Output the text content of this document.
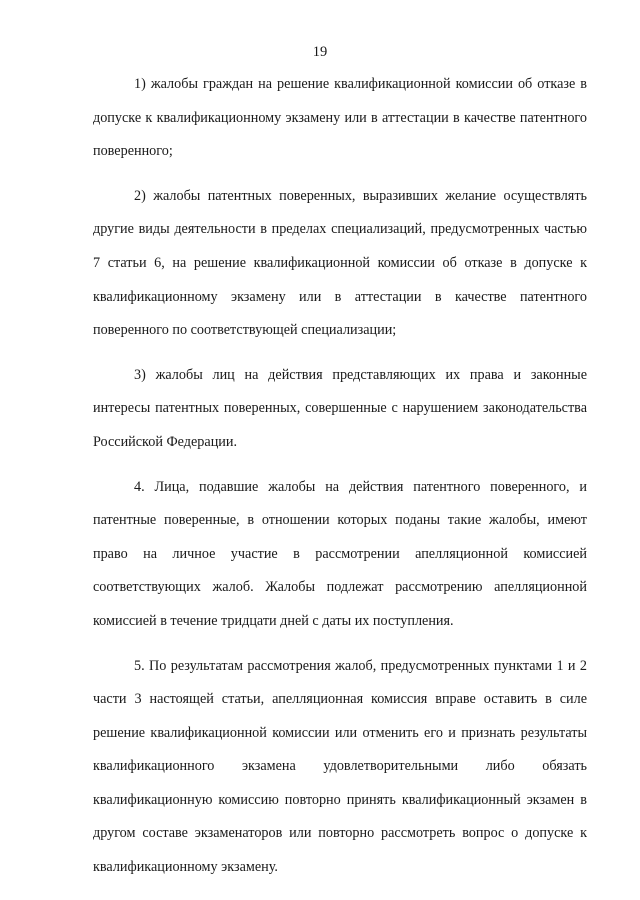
19

1) жалобы граждан на решение квалификационной комиссии об отказе в допуске к квалификационному экзамену или в аттестации в качестве патентного поверенного;

2) жалобы патентных поверенных, выразивших желание осуществлять другие виды деятельности в пределах специализаций, предусмотренных частью 7 статьи 6, на решение квалификационной комиссии об отказе в допуске к квалификационному экзамену или в аттестации в качестве патентного поверенного по соответствующей специализации;

3) жалобы лиц на действия представляющих их права и законные интересы патентных поверенных, совершенные с нарушением законодательства Российской Федерации.

4. Лица, подавшие жалобы на действия патентного поверенного, и патентные поверенные, в отношении которых поданы такие жалобы, имеют право на личное участие в рассмотрении апелляционной комиссией соответствующих жалоб. Жалобы подлежат рассмотрению апелляционной комиссией в течение тридцати дней с даты их поступления.

5. По результатам рассмотрения жалоб, предусмотренных пунктами 1 и 2 части 3 настоящей статьи, апелляционная комиссия вправе оставить в силе решение квалификационной комиссии или отменить его и признать результаты квалификационного экзамена удовлетворительными либо обязать квалификационную комиссию повторно принять квалификационный экзамен в другом составе экзаменаторов или повторно рассмотреть вопрос о допуске к квалификационному экзамену.
